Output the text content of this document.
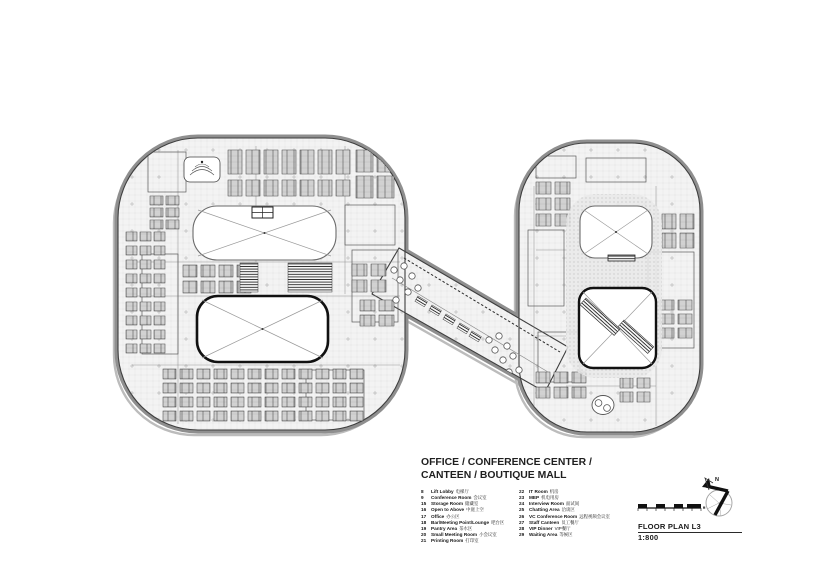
OFFICE / CONFERENCE CENTER /
CANTEEN / BOUTIQUE MALL
8	Lift Lobby 电梯厅
9	Conference Room 会议室
15	Storage Room 储藏室
16	Open to Above 中庭上空
17	Office 办公区
18	Bar/Meeting Point/Lounge 吧台区
19	Pantry Area 茶水区
20	Small Meeting Room 小会议室
21	Printing Room 打印室
22	IT Room 机房
23	MEP 机电用房
24	Interview Room 面试间
25	Chatting Area 洽谈区
26	VC Conference Room 远程视频会议室
27	Staff Canteen 员工餐厅
28	VIP Dinner VIP餐厅
29	Waiting Area 等候区
N
FLOOR PLAN L3
1:800
